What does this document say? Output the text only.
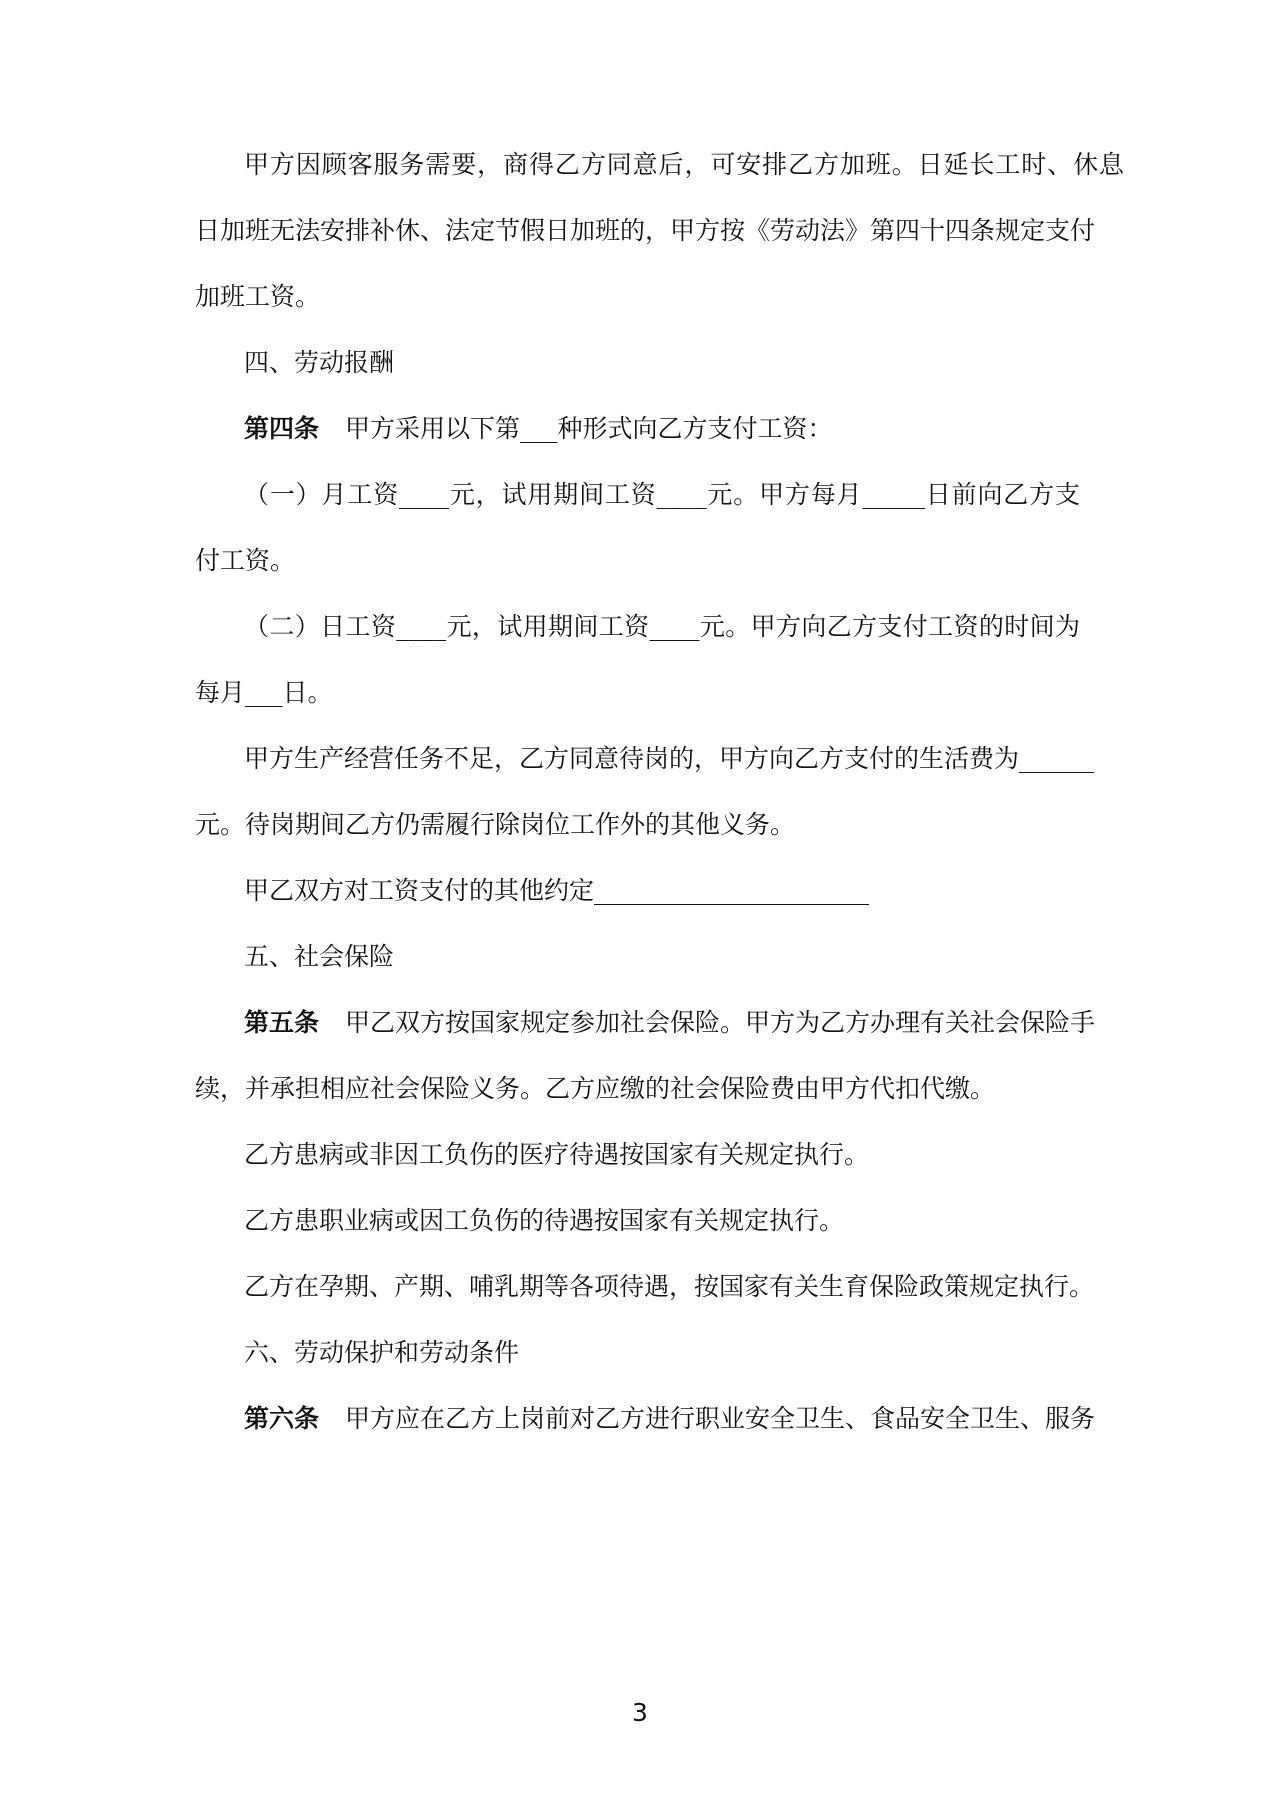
甲方因顾客服务需要，商得乙方同意后，可安排乙方加班。日延长工时、休息
日加班无法安排补休、法定节假日加班的，甲方按《劳动法》第四十四条规定支付
加班工资。
四、劳动报酬
第四条 甲方采用以下第___种形式向乙方支付工资：
（一）月工资____元，试用期间工资____元。甲方每月_____日前向乙方支
付工资。
（二）日工资____元，试用期间工资____元。甲方向乙方支付工资的时间为
每月___日。
甲方生产经营任务不足，乙方同意待岗的，甲方向乙方支付的生活费为______
元。待岗期间乙方仍需履行除岗位工作外的其他义务。
甲乙双方对工资支付的其他约定______________________
五、社会保险
第五条 甲乙双方按国家规定参加社会保险。甲方为乙方办理有关社会保险手
续，并承担相应社会保险义务。乙方应缴的社会保险费由甲方代扣代缴。
乙方患病或非因工负伤的医疗待遇按国家有关规定执行。
乙方患职业病或因工负伤的待遇按国家有关规定执行。
乙方在孕期、产期、哺乳期等各项待遇，按国家有关生育保险政策规定执行。
六、劳动保护和劳动条件
第六条 甲方应在乙方上岗前对乙方进行职业安全卫生、食品安全卫生、服务
3
